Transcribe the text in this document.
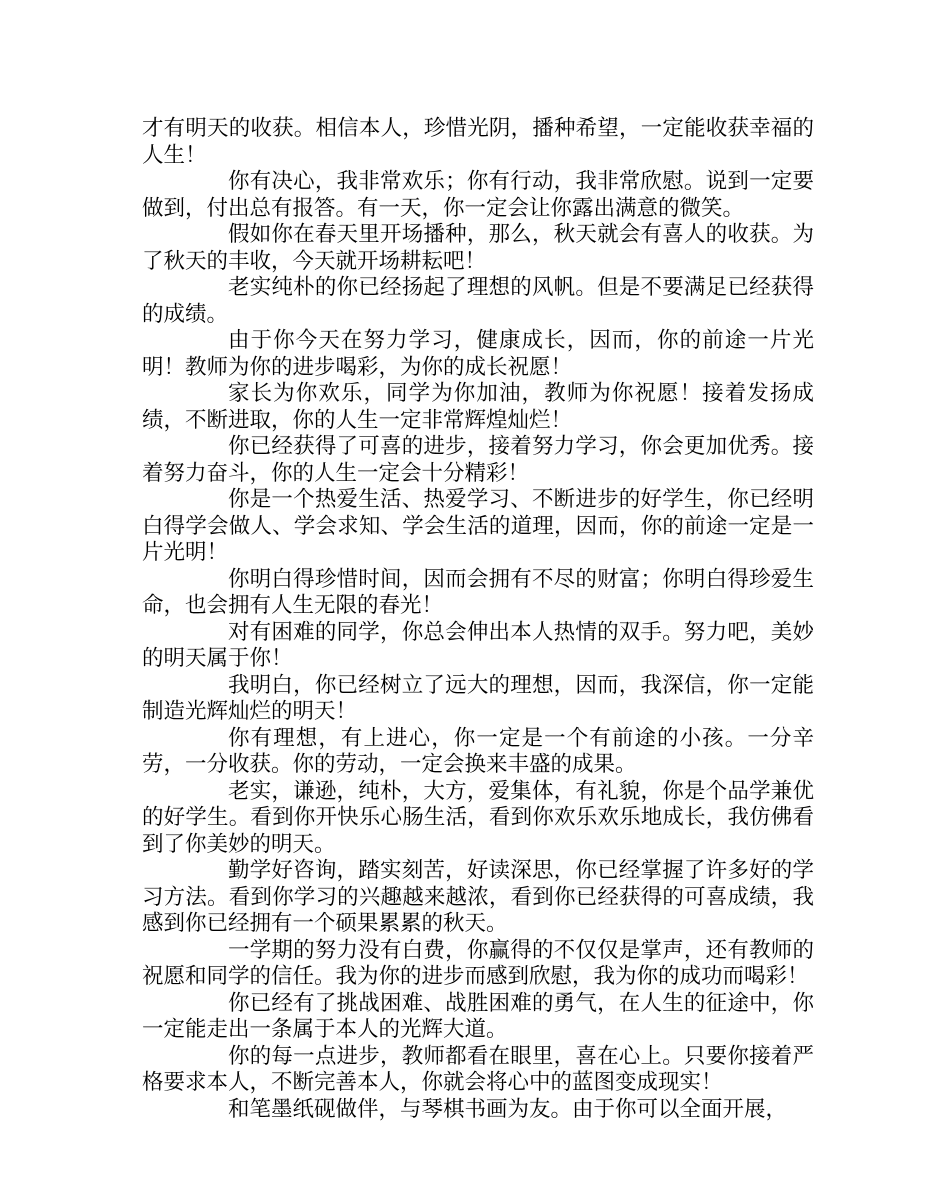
才有明天的收获。相信本人，珍惜光阴，播种希望，一定能收获幸福的人生！

你有决心，我非常欢乐；你有行动，我非常欣慰。说到一定要做到，付出总有报答。有一天，你一定会让你露出满意的微笑。

假如你在春天里开场播种，那么，秋天就会有喜人的收获。为了秋天的丰收，今天就开场耕耘吧！

老实纯朴的你已经扬起了理想的风帆。但是不要满足已经获得的成绩。

由于你今天在努力学习，健康成长，因而，你的前途一片光明！教师为你的进步喝彩，为你的成长祝愿！

家长为你欢乐，同学为你加油，教师为你祝愿！接着发扬成绩，不断进取，你的人生一定非常辉煌灿烂！

你已经获得了可喜的进步，接着努力学习，你会更加优秀。接着努力奋斗，你的人生一定会十分精彩！

你是一个热爱生活、热爱学习、不断进步的好学生，你已经明白得学会做人、学会求知、学会生活的道理，因而，你的前途一定是一片光明！

你明白得珍惜时间，因而会拥有不尽的财富；你明白得珍爱生命，也会拥有人生无限的春光！

对有困难的同学，你总会伸出本人热情的双手。努力吧，美妙的明天属于你！

我明白，你已经树立了远大的理想，因而，我深信，你一定能制造光辉灿烂的明天！

你有理想，有上进心，你一定是一个有前途的小孩。一分辛劳，一分收获。你的劳动，一定会换来丰盛的成果。

老实，谦逊，纯朴，大方，爱集体，有礼貌，你是个品学兼优的好学生。看到你开快乐心肠生活，看到你欢乐欢乐地成长，我仿佛看到了你美妙的明天。

勤学好咨询，踏实刻苦，好读深思，你已经掌握了许多好的学习方法。看到你学习的兴趣越来越浓，看到你已经获得的可喜成绩，我感到你已经拥有一个硕果累累的秋天。

一学期的努力没有白费，你赢得的不仅仅是掌声，还有教师的祝愿和同学的信任。我为你的进步而感到欣慰，我为你的成功而喝彩！

你已经有了挑战困难、战胜困难的勇气，在人生的征途中，你一定能走出一条属于本人的光辉大道。

你的每一点进步，教师都看在眼里，喜在心上。只要你接着严格要求本人，不断完善本人，你就会将心中的蓝图变成现实！

和笔墨纸砚做伴，与琴棋书画为友。由于你可以全面开展，
